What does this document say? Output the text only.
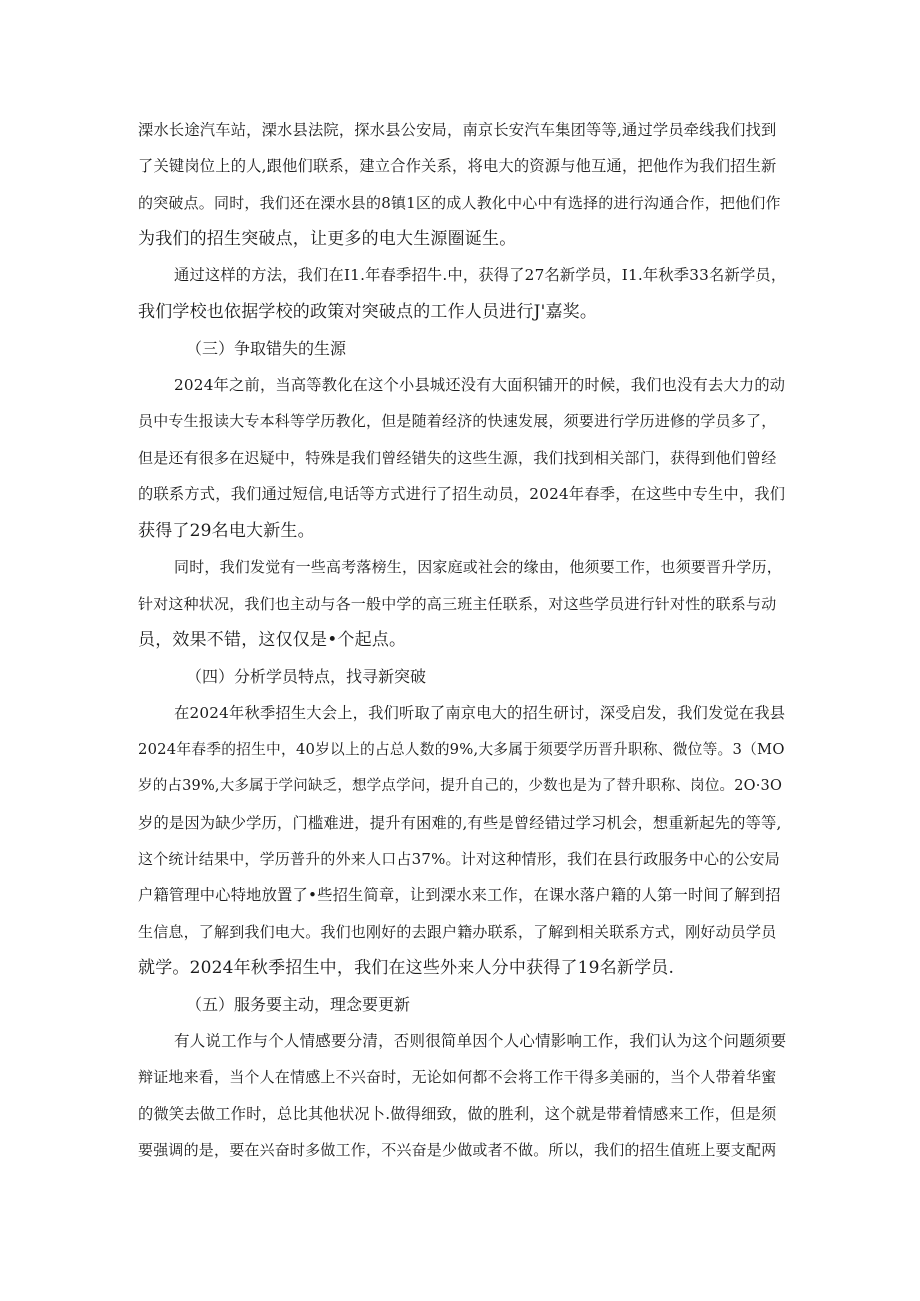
溧水长途汽车站，溧水县法院，探水县公安局，南京长安汽车集团等等,通过学员牵线我们找到
了关键岗位上的人,跟他们联系，建立合作关系，将电大的资源与他互通，把他作为我们招生新
的突破点。同时，我们还在溧水县的8镇1区的成人教化中心中有选择的进行沟通合作，把他们作
为我们的招生突破点，让更多的电大生源圈诞生。
通过这样的方法，我们在I1.年春季招牛.中，获得了27名新学员，I1.年秋季33名新学员，
我们学校也依据学校的政策对突破点的工作人员进行J'嘉奖。
（三）争取错失的生源
2024年之前，当高等教化在这个小县城还没有大面积铺开的时候，我们也没有去大力的动
员中专生报读大专本科等学历教化，但是随着经济的快速发展，须要进行学历进修的学员多了，
但是还有很多在迟疑中，特殊是我们曾经错失的这些生源，我们找到相关部门，获得到他们曾经
的联系方式，我们通过短信,电话等方式进行了招生动员，2024年春季，在这些中专生中，我们
获得了29名电大新生。
同时，我们发觉有一些高考落榜生，因家庭或社会的缘由，他须要工作，也须要晋升学历，
针对这种状况，我们也主动与各一般中学的高三班主任联系，对这些学员进行针对性的联系与动
员，效果不错，这仅仅是•个起点。
（四）分析学员特点，找寻新突破
在2024年秋季招生大会上，我们听取了南京电大的招生研讨，深受启发，我们发觉在我县
2024年春季的招生中，40岁以上的占总人数的9%,大多属于须要学历晋升职称、微位等。3（MO
岁的占39%,大多属于学问缺乏，想学点学问，提升自己的，少数也是为了替升职称、岗位。2O·3O
岁的是因为缺少学历，门槛难进，提升有困难的,有些是曾经错过学习机会，想重新起先的等等,
这个统计结果中，学历普升的外来人口占37%。计对这种情形，我们在县行政服务中心的公安局
户籍管理中心特地放置了•些招生简章，让到溧水来工作，在课水落户籍的人第一时间了解到招
生信息，了解到我们电大。我们也刚好的去跟户籍办联系，了解到相关联系方式，刚好动员学员
就学。2024年秋季招生中，我们在这些外来人分中获得了19名新学员.
（五）服务要主动，理念要更新
有人说工作与个人情感要分清，否则很简单因个人心情影响工作，我们认为这个问题须要
辩证地来看，当个人在情感上不兴奋时，无论如何都不会将工作干得多美丽的，当个人带着华蜜
的微笑去做工作时，总比其他状况卜.做得细致，做的胜利，这个就是带着情感来工作，但是须
要强调的是，要在兴奋时多做工作，不兴奋是少做或者不做。所以，我们的招生值班上要支配两
